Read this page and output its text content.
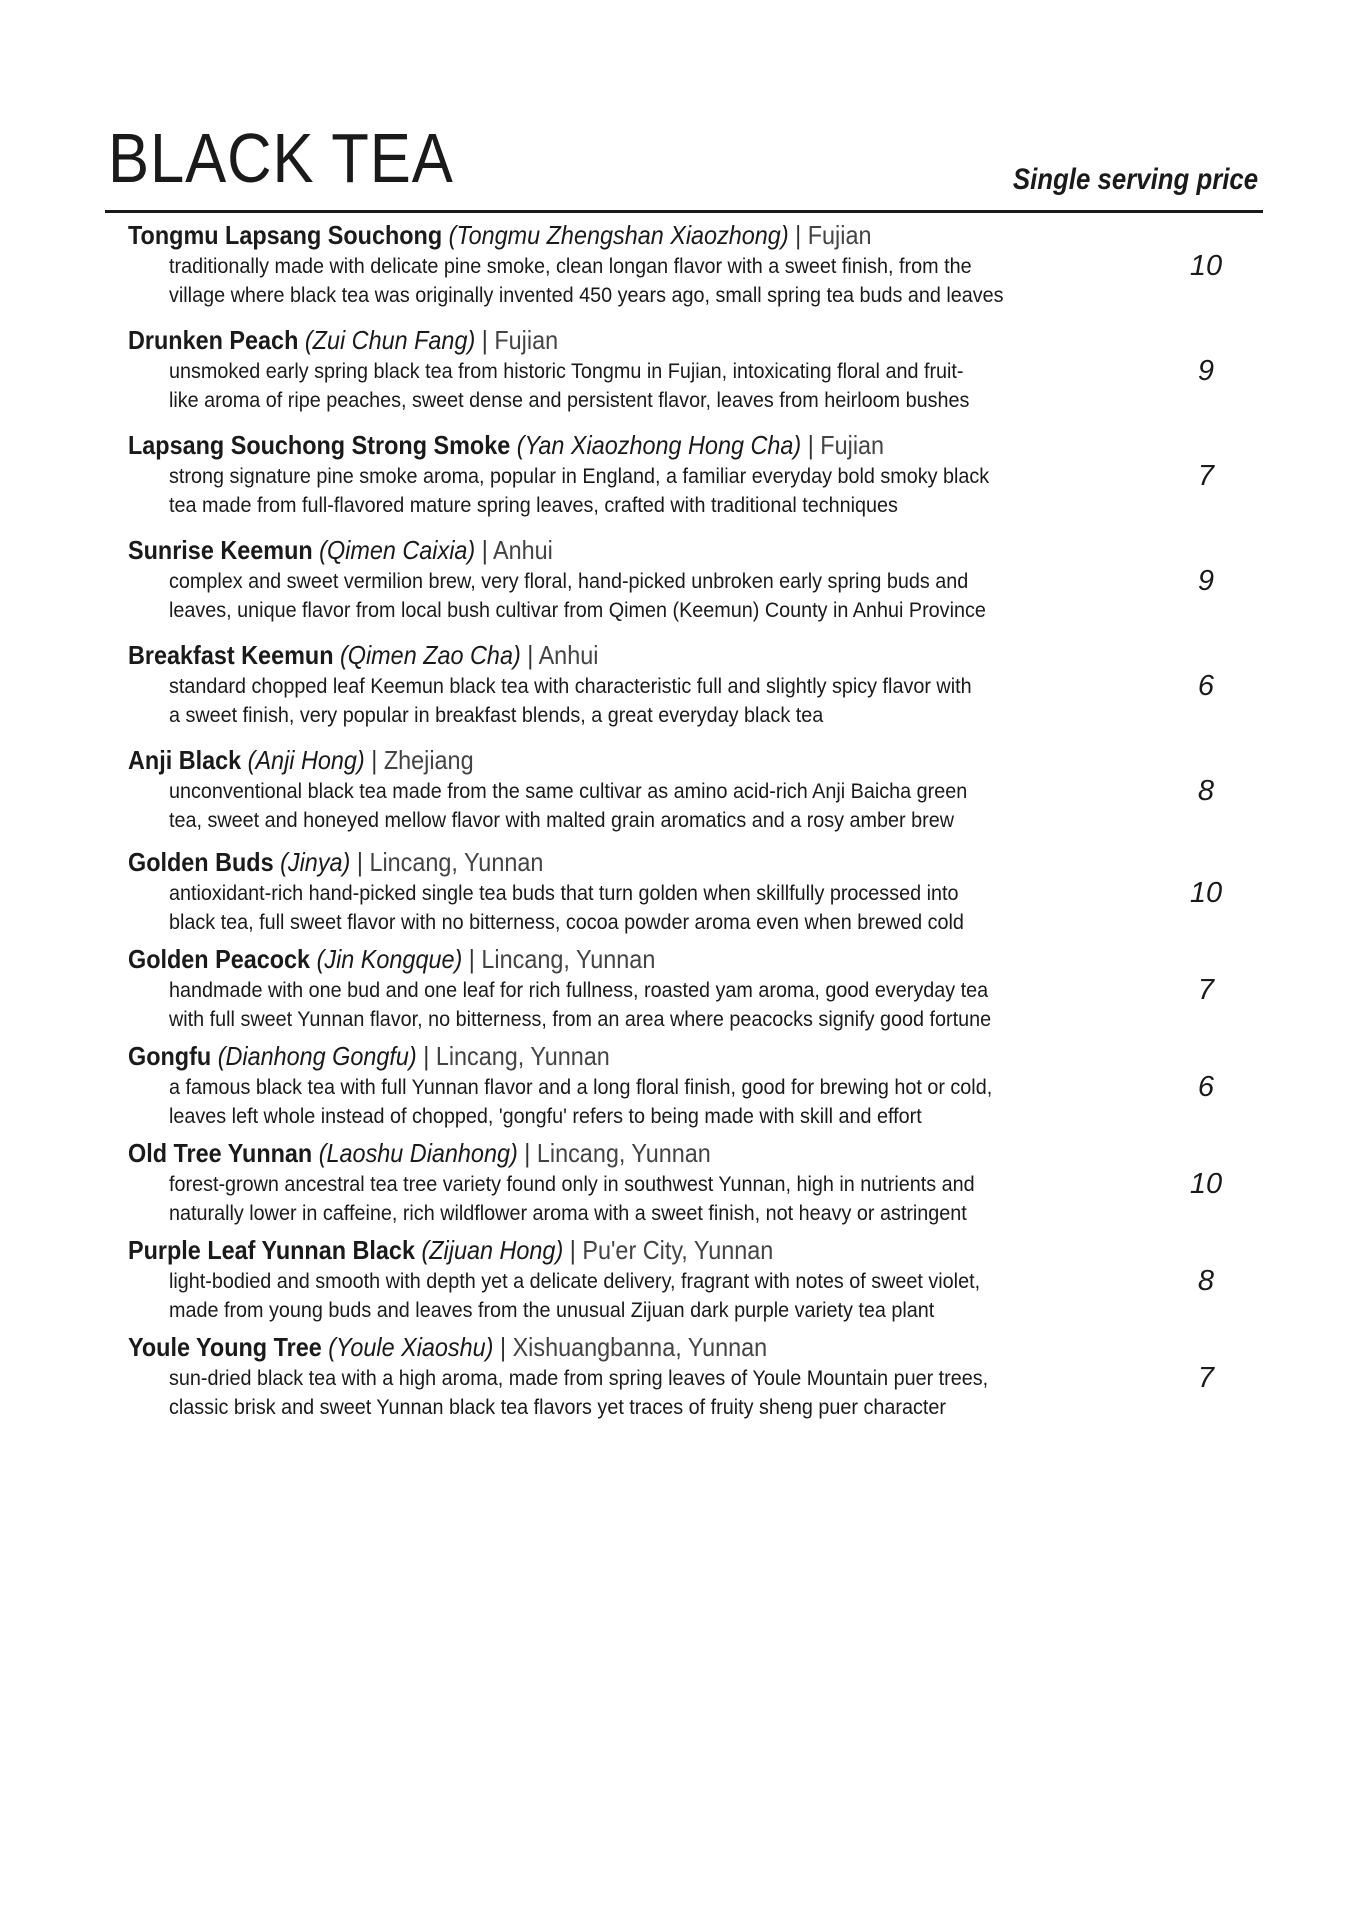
BLACK TEA	Single serving price
Tongmu Lapsang Souchong (Tongmu Zhengshan Xiaozhong) | Fujian
traditionally made with delicate pine smoke, clean longan flavor with a sweet finish, from the
village where black tea was originally invented 450 years ago, small spring tea buds and leaves
10
Drunken Peach (Zui Chun Fang) | Fujian
unsmoked early spring black tea from historic Tongmu in Fujian, intoxicating floral and fruit-
like aroma of ripe peaches, sweet dense and persistent flavor, leaves from heirloom bushes
9
Lapsang Souchong Strong Smoke (Yan Xiaozhong Hong Cha) | Fujian
strong signature pine smoke aroma, popular in England, a familiar everyday bold smoky black
tea made from full-flavored mature spring leaves, crafted with traditional techniques
7
Sunrise Keemun (Qimen Caixia) | Anhui
complex and sweet vermilion brew, very floral, hand-picked unbroken early spring buds and
leaves, unique flavor from local bush cultivar from Qimen (Keemun) County in Anhui Province
9
Breakfast Keemun (Qimen Zao Cha) | Anhui
standard chopped leaf Keemun black tea with characteristic full and slightly spicy flavor with
a sweet finish, very popular in breakfast blends, a great everyday black tea
6
Anji Black (Anji Hong) | Zhejiang
unconventional black tea made from the same cultivar as amino acid-rich Anji Baicha green
tea, sweet and honeyed mellow flavor with malted grain aromatics and a rosy amber brew
8
Golden Buds (Jinya) | Lincang, Yunnan
antioxidant-rich hand-picked single tea buds that turn golden when skillfully processed into
black tea, full sweet flavor with no bitterness, cocoa powder aroma even when brewed cold
10
Golden Peacock (Jin Kongque) | Lincang, Yunnan
handmade with one bud and one leaf for rich fullness, roasted yam aroma, good everyday tea
with full sweet Yunnan flavor, no bitterness, from an area where peacocks signify good fortune
7
Gongfu (Dianhong Gongfu) | Lincang, Yunnan
a famous black tea with full Yunnan flavor and a long floral finish, good for brewing hot or cold,
leaves left whole instead of chopped, 'gongfu' refers to being made with skill and effort
6
Old Tree Yunnan (Laoshu Dianhong) | Lincang, Yunnan
forest-grown ancestral tea tree variety found only in southwest Yunnan, high in nutrients and
naturally lower in caffeine, rich wildflower aroma with a sweet finish, not heavy or astringent
10
Purple Leaf Yunnan Black (Zijuan Hong) | Pu'er City, Yunnan
light-bodied and smooth with depth yet a delicate delivery, fragrant with notes of sweet violet,
made from young buds and leaves from the unusual Zijuan dark purple variety tea plant
8
Youle Young Tree (Youle Xiaoshu) | Xishuangbanna, Yunnan
sun-dried black tea with a high aroma, made from spring leaves of Youle Mountain puer trees,
classic brisk and sweet Yunnan black tea flavors yet traces of fruity sheng puer character
7
